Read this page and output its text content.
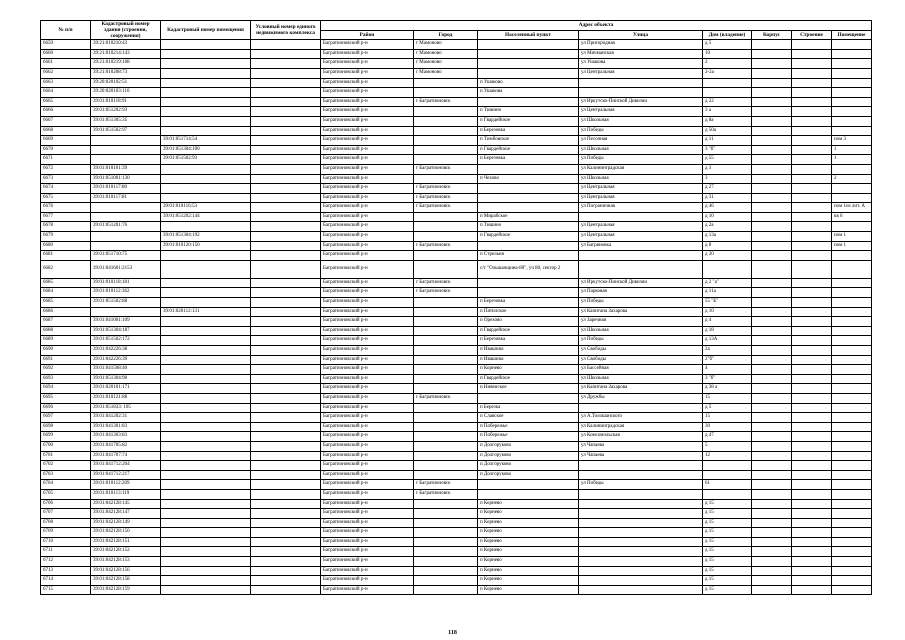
№ п/п	Кадастровый номер здания (строения, сооружения)	Кадастровый номер помещения	Условный номер единого недвижимого комплекса	Адрес объекта							
				Район	Город	Населенный пункт	Улица	Дом (владение)	Корпус	Строение	Помещение
6659	39:21:010210:43			Багратионовский р-н	г Мамоново		ул Пригородная	д 5			
6660	39:21:010214:143			Багратионовский р-н	г Мамоново		ул Мичманская	10			
6661	39:21:010219:108			Багратионовский р-н	г Мамоново		ул Ушакова	2			
6662	39:21:010208:73			Багратионовский р-н	г Мамоново		ул Центральная	2-2а			
6663	39:20:020102:51			Багратионовский р-н		п Ушаково					
6664	39:20:020103:110			Багратионовский р-н		п Ушакова					
6665	39:01:010118:91			Багратионовский р-н	г Багратионовск		ул Иркутско-Пинской Дивизии	д 22			
6666	39:01:051202:93			Багратионовский р-н		п Тишино	ул Центральная	3 а			
6667	39:01:051305:35			Багратионовский р-н		п Гвардейское	ул Школьная	д 8а			
6668	39:01:051502:97			Багратионовский р-н		п Березовка	ул Победы	д 50а			
6669		39:01:051714:54		Багратионовский р-н		п Тимбовское	ул Песочная	д 11			пом 3
6670		39:01:051304:100		Багратионовский р-н		п Гвардейское	ул Школьная	3 "б"			1
6671		39:01:051502:93		Багратионовский р-н		п Березовка	ул Победы	д 55			1
6672	39:01:010101:39			Багратионовский р-н	г Багратионовск		ул Калининградская	д 3			
6673	39:01:051001:130			Багратионовский р-н		п Чехово	ул Школьная	3			2
6674	39:01:010117:80			Багратионовский р-н	г Багратионовск		ул Центральная	д 27			
6675	39:01:010117:81			Багратионовский р-н	г Багратионовск		ул Центральная	д 31			
6676		39:01:010116:53		Багратионовский р-н	г Багратионовск		ул Пограничная	д 46			пом 1из лит. А
6677		39:01:051202:144		Багратионовский р-н		п Мирабское		д 10			кв 6
6678	39:01:051201:76			Багратионовский р-н		п Тишино	ул Центральная	д 2а			
6679		39:01:051304:192		Багратионовский р-н		п Гвардейское	ул Центральная	д 13а			пом 1
6680		39:01:010120:150		Багратионовский р-н	г Багратионовск		ул Багряновка	д 8			пом 1
6681	39:01:051710:75			Багратионовский р-н		п Стрельня		д 20			
6682	39:01:041601:2153			Багратионовский р-н		с/т "Ольшанщина-80", уч 80, сектор 2					
6685	39:01:010118:181			Багратионовский р-н	г Багратионовск		ул Иркутско-Пинской Дивизии	д 2 "а"			
6684	39:01:010112:362			Багратионовский р-н	г Багратионовск		ул Парковая	д 11а			
6685	39:01:051502:88			Багратионовский р-н		п Березовка	ул Победы	55 "Б"			
6686		39:01:020112:131		Багратионовский р-н		п Пятилское	ул Капитана Захарова	д 10			
6687	39:01:041001:109			Багратионовский р-н		п Орехово	ул Заречная	д 4			
6688	39:01:051304:187			Багратионовский р-н		п Гвардейское	ул Школьная	д 18			
6689	39:01:051502:172			Багратионовский р-н		п Березовка	ул Победы	д 13А			
6690	39:01:042226:38			Багратионовский р-н		п Ивашина	ул Свободы	2а			
6691	39:01:042226:39			Багратионовский р-н		п Ивашина	ул Свободы	2"б"			
6692	39:01:041508:40			Багратионовский р-н		п Корнево	ул Бассейная	4			
6693	39:01:051304:90			Багратионовский р-н		п Гвардейское	ул Школьная	3 "б"			
6694	39:01:020101:171			Багратионовский р-н		п Нивенское	ул Капитана Захарова	д 38 а			
6695	39:01:010121:88			Багратионовский р-н	г Багратионовск		ул Дружбы	15			
6696	39:01:051833: 105			Багратионовский р-н		п Березка		д 5			
6697	39:01:041202:31			Багратионовский р-н		п Славское	ул А.Толошанского	15			
6698	39:01:041301:83			Багратионовский р-н		п Побережье	ул Калининградская	30			
6699	39:01:041303:83			Багратионовский р-н		п Побережье	ул Комсомольская	д 47			
6700	39:01:041705:82			Багратионовский р-н		п Долгоруково	ул Чапаева	5			
6701	39:01:041707:74			Багратионовский р-н		п Долгоруково	ул Чапаева	12			
6702	39:01:041712:204			Багратионовский р-н		п Долгоруково					
6703	39:01:041712:217			Багратионовский р-н		п Долгоруково					
6704	39:01:010112:209			Багратионовский р-н	г Багратионовск		ул Победы	61			
6705	39:01:010113:119			Багратионовский р-н	г Багратионовск						
6706	39:01:042128:145			Багратионовский р-н		п Корнево		д 15			
6707	39:01:042128:147			Багратионовский р-н		п Корнево		д 15			
6708	39:01:042128:149			Багратионовский р-н		п Корнево		д 15			
6709	39:01:042128:150			Багратионовский р-н		п Корнево		д 15			
6710	39:01:042128:151			Багратионовский р-н		п Корнево		д 15			
6711	39:01:042128:152			Багратионовский р-н		п Корнево		д 15			
6712	39:01:042128:153			Багратионовский р-н		п Корнево		д 15			
6713	39:01:042128:156			Багратионовский р-н		п Корнево		д 15			
6714	39:01:042128:158			Багратионовский р-н		п Корнево		д 15			
6715	39:01:042128:159			Багратионовский р-н		п Корнево		д 15			
118
